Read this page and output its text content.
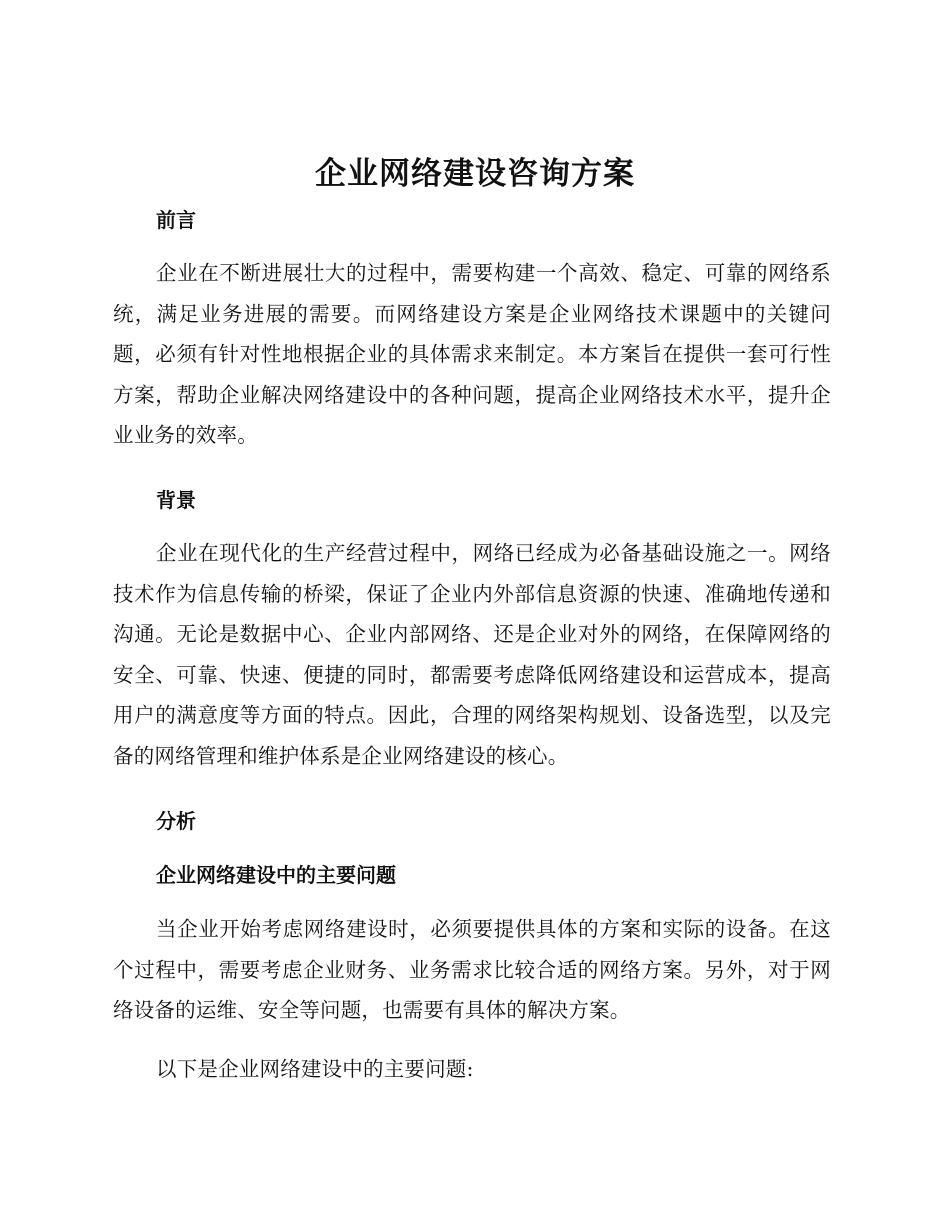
企业网络建设咨询方案
前言

企业在不断进展壮大的过程中，需要构建一个高效、稳定、可靠的网络系统，满足业务进展的需要。而网络建设方案是企业网络技术课题中的关键问题，必须有针对性地根据企业的具体需求来制定。本方案旨在提供一套可行性方案，帮助企业解决网络建设中的各种问题，提高企业网络技术水平，提升企业业务的效率。

背景

企业在现代化的生产经营过程中，网络已经成为必备基础设施之一。网络技术作为信息传输的桥梁，保证了企业内外部信息资源的快速、准确地传递和沟通。无论是数据中心、企业内部网络、还是企业对外的网络，在保障网络的安全、可靠、快速、便捷的同时，都需要考虑降低网络建设和运营成本，提高用户的满意度等方面的特点。因此，合理的网络架构规划、设备选型，以及完备的网络管理和维护体系是企业网络建设的核心。

分析
企业网络建设中的主要问题

当企业开始考虑网络建设时，必须要提供具体的方案和实际的设备。在这个过程中，需要考虑企业财务、业务需求比较合适的网络方案。另外，对于网络设备的运维、安全等问题，也需要有具体的解决方案。

以下是企业网络建设中的主要问题:
